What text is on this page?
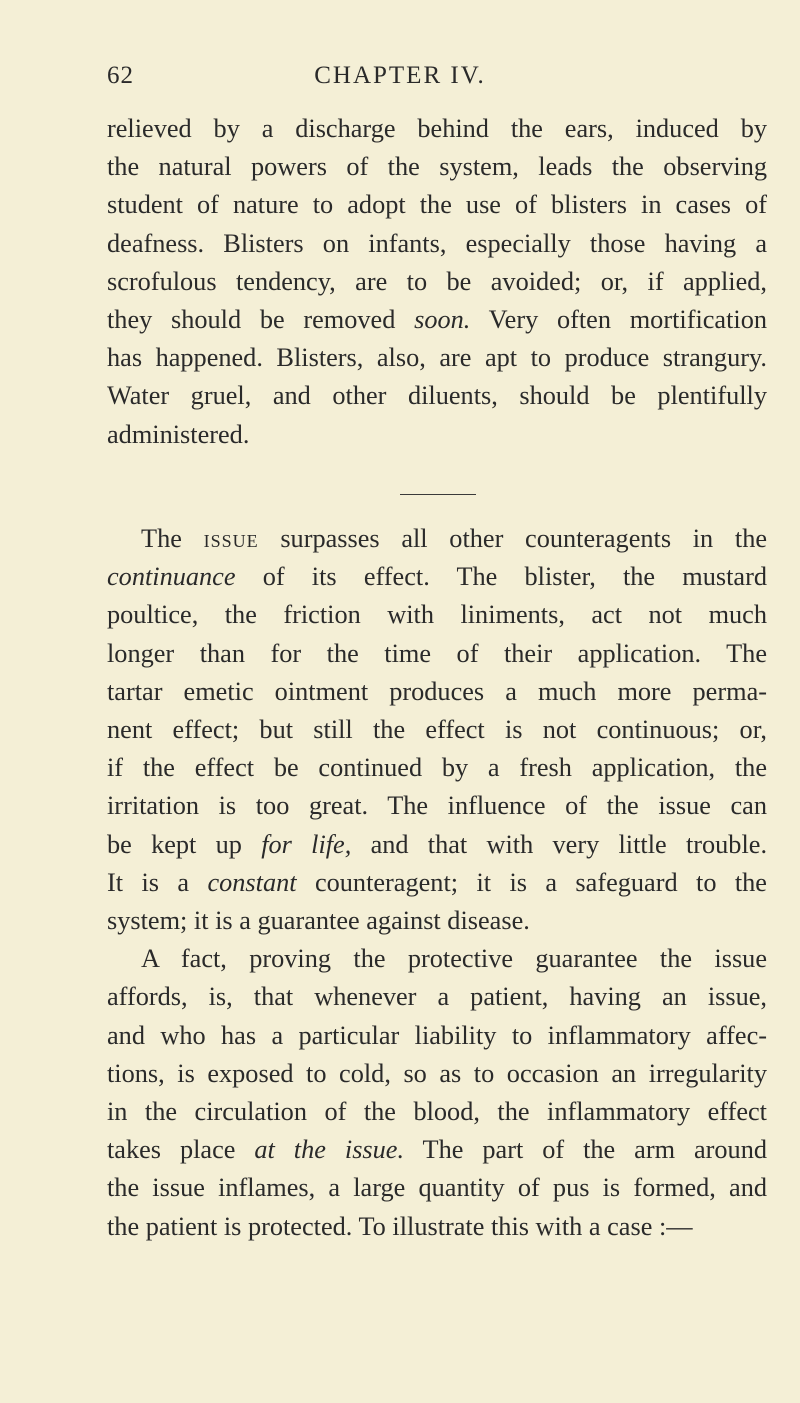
62	CHAPTER IV.
relieved by a discharge behind the ears, induced by
the natural powers of the system, leads the observing
student of nature to adopt the use of blisters in cases of
deafness. Blisters on infants, especially those having a
scrofulous tendency, are to be avoided; or, if applied,
they should be removed soon. Very often mortification
has happened. Blisters, also, are apt to produce strangury.
Water gruel, and other diluents, should be plentifully
administered.
The issue surpasses all other counteragents in the
continuance of its effect. The blister, the mustard
poultice, the friction with liniments, act not much
longer than for the time of their application. The
tartar emetic ointment produces a much more perma-
nent effect; but still the effect is not continuous; or,
if the effect be continued by a fresh application, the
irritation is too great. The influence of the issue can
be kept up for life, and that with very little trouble.
It is a constant counteragent; it is a safeguard to the
system; it is a guarantee against disease.
A fact, proving the protective guarantee the issue
affords, is, that whenever a patient, having an issue,
and who has a particular liability to inflammatory affec-
tions, is exposed to cold, so as to occasion an irregularity
in the circulation of the blood, the inflammatory effect
takes place at the issue. The part of the arm around
the issue inflames, a large quantity of pus is formed, and
the patient is protected. To illustrate this with a case :—
